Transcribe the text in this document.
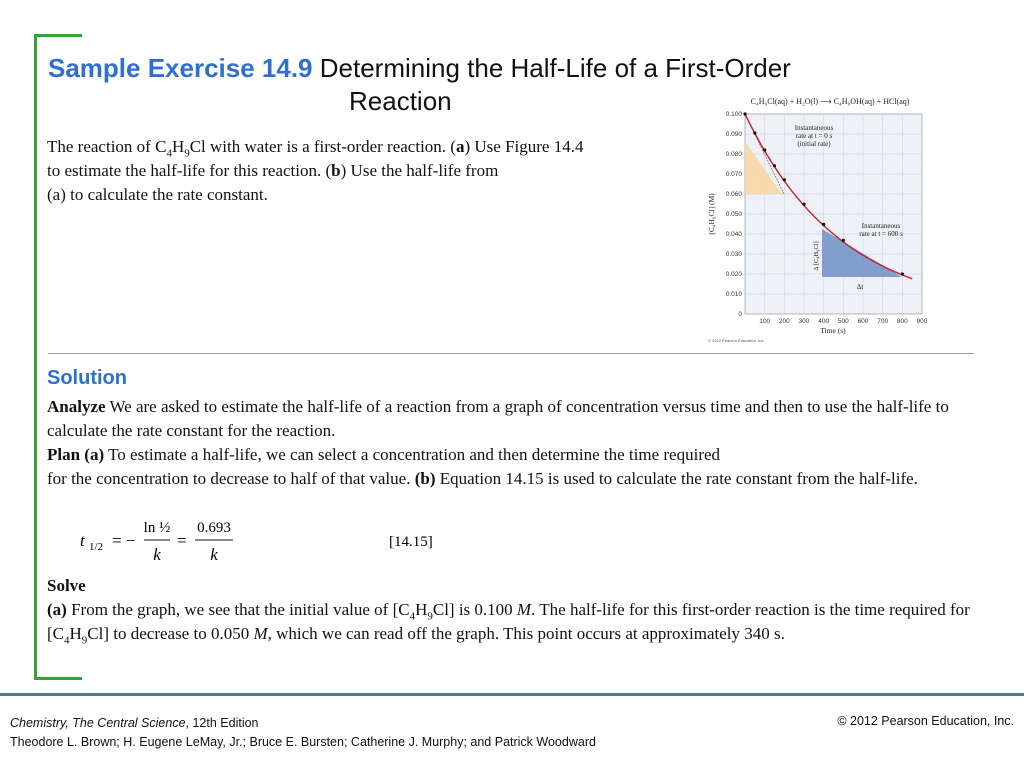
Sample Exercise 14.9 Determining the Half-Life of a First-Order
Reaction
The reaction of $C_4H_9Cl$ with water is a first-order reaction. (a) Use Figure 14.4
to estimate the half-life for this reaction. (b) Use the half-life from
(a) to calculate the rate constant.
C₄H₉Cl(aq) + H₂O(l) ⟶ C₄H₉OH(aq) + HCl(aq)
0.100
0.090
0.080
0.070
0.060
0.050
0.040
0.030
0.020
0.010
0
100 200 300 400 500 600 700 800 900
Time (s)
[C₄H₉Cl] (M)
Instantaneous
rate at t = 0 s
(initial rate)
Instantaneous
rate at t = 600 s
Δ [C₄H₉Cl]
Δt
© 2012 Pearson Education, Inc.
Solution

Analyze We are asked to estimate the half-life of a reaction from a graph of concentration versus time and then to use the half-life to calculate the rate constant for the reaction.

Plan (a) To estimate a half-life, we can select a concentration and then determine the time required
for the concentration to decrease to half of that value. (b) Equation 14.15 is used to calculate the rate constant from the half-life.

t 1/2 = −
ln ½
k
=
0.693
k
[14.15]

Solve

(a) From the graph, we see that the initial value of $[C_4H_9Cl]$ is 0.100 M. The half-life for this first-order reaction is the time required for $[C_4H_9Cl]$ to decrease to 0.050 M, which we can read off the graph. This point occurs at approximately 340 s.

Chemistry, The Central Science, 12th Edition
Theodore L. Brown; H. Eugene LeMay, Jr.; Bruce E. Bursten; Catherine J. Murphy; and Patrick Woodward
© 2012 Pearson Education, Inc.
